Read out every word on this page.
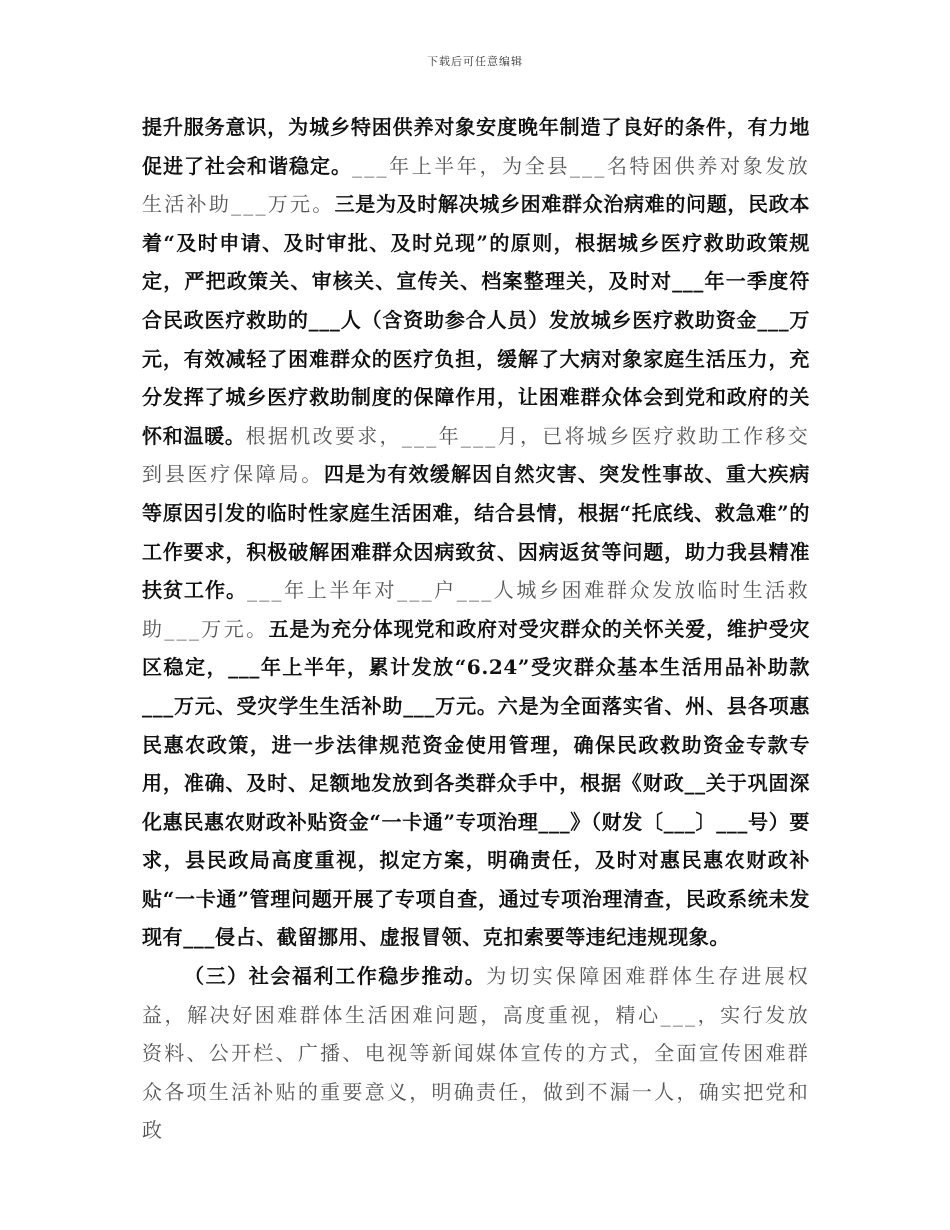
下载后可任意编辑

提升服务意识，为城乡特困供养对象安度晚年制造了良好的条件，有力地促进了社会和谐稳定。___年上半年，为全县___名特困供养对象发放生活补助___万元。三是为及时解决城乡困难群众治病难的问题，民政本着“及时申请、及时审批、及时兑现”的原则，根据城乡医疗救助政策规定，严把政策关、审核关、宣传关、档案整理关，及时对___年一季度符合民政医疗救助的___人（含资助参合人员）发放城乡医疗救助资金___万元，有效减轻了困难群众的医疗负担，缓解了大病对象家庭生活压力，充分发挥了城乡医疗救助制度的保障作用，让困难群众体会到党和政府的关怀和温暖。根据机改要求，___年___月，已将城乡医疗救助工作移交到县医疗保障局。四是为有效缓解因自然灾害、突发性事故、重大疾病等原因引发的临时性家庭生活困难，结合县情，根据“托底线、救急难”的工作要求，积极破解困难群众因病致贫、因病返贫等问题，助力我县精准扶贫工作。___年上半年对___户___人城乡困难群众发放临时生活救助___万元。五是为充分体现党和政府对受灾群众的关怀关爱，维护受灾区稳定，___年上半年，累计发放“6.24”受灾群众基本生活用品补助款___万元、受灾学生生活补助___万元。六是为全面落实省、州、县各项惠民惠农政策，进一步法律规范资金使用管理，确保民政救助资金专款专用，准确、及时、足额地发放到各类群众手中，根据《财政__关于巩固深化惠民惠农财政补贴资金“一卡通”专项治理___》（财发〔___〕___号）要求，县民政局高度重视，拟定方案，明确责任，及时对惠民惠农财政补贴“一卡通”管理问题开展了专项自查，通过专项治理清查，民政系统未发现有___侵占、截留挪用、虚报冒领、克扣索要等违纪违规现象。

（三）社会福利工作稳步推动。为切实保障困难群体生存进展权益，解决好困难群体生活困难问题，高度重视，精心___，实行发放资料、公开栏、广播、电视等新闻媒体宣传的方式，全面宣传困难群众各项生活补贴的重要意义，明确责任，做到不漏一人，确实把党和政
